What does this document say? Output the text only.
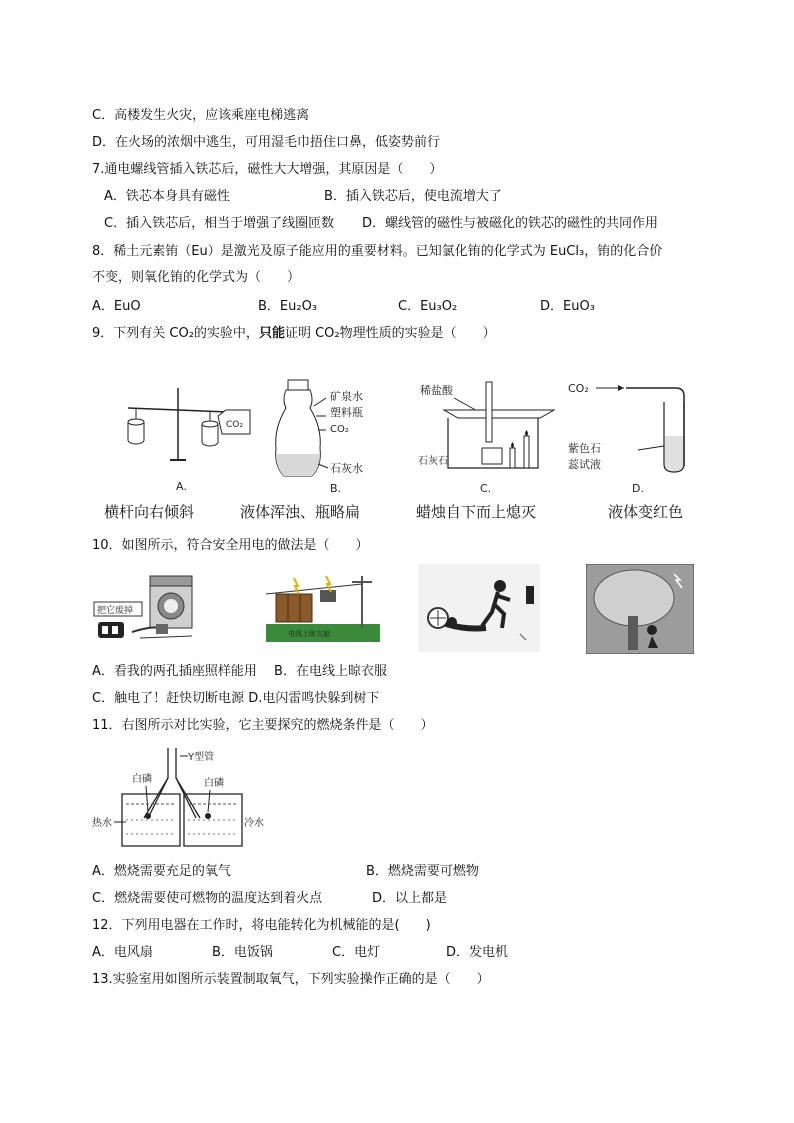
C．高楼发生火灾，应该乘座电梯逃离
D．在火场的浓烟中逃生，可用湿毛巾捂住口鼻，低姿势前行
7.通电螺线管插入铁芯后，磁性大大增强，其原因是（　　）
A．铁芯本身具有磁性	B．插入铁芯后，使电流增大了
C．插入铁芯后，相当于增强了线圈匝数 D．螺线管的磁性与被磁化的铁芯的磁性的共同作用
8．稀土元素铕（Eu）是激光及原子能应用的重要材料。已知氯化铕的化学式为 EuCl₃，铕的化合价
不变，则氧化铕的化学式为（　　）
A．EuO	B．Eu₂O₃	C．Eu₃O₂	D．EuO₃
9．下列有关 CO₂的实验中，只能证明 CO₂物理性质的实验是（　　）
CO₂
A.
矿泉水
塑料瓶
CO₂
石灰水
B.
稀盐酸
石灰石
C.
CO₂
紫色石
蕊试液
D.
横杆向右倾斜	液体浑浊、瓶略扁	蜡烛自下而上熄灭	液体变红色
10．如图所示，符合安全用电的做法是（　　）
把它废掉
电线上晾衣服
A．看我的两孔插座照样能用　 B．在电线上晾衣服
C．触电了！赶快切断电源 D.电闪雷鸣快躲到树下
11．右图所示对比实验，它主要探究的燃烧条件是（　　）
Y型管
白磷	白磷
热水	冷水
A．燃烧需要充足的氧气	B．燃烧需要可燃物
C．燃烧需要使可燃物的温度达到着火点	D．以上都是
12．下列用电器在工作时，将电能转化为机械能的是(　　)
A．电风扇	B．电饭锅	C．电灯	D．发电机
13.实验室用如图所示装置制取氧气，下列实验操作正确的是（　　）
